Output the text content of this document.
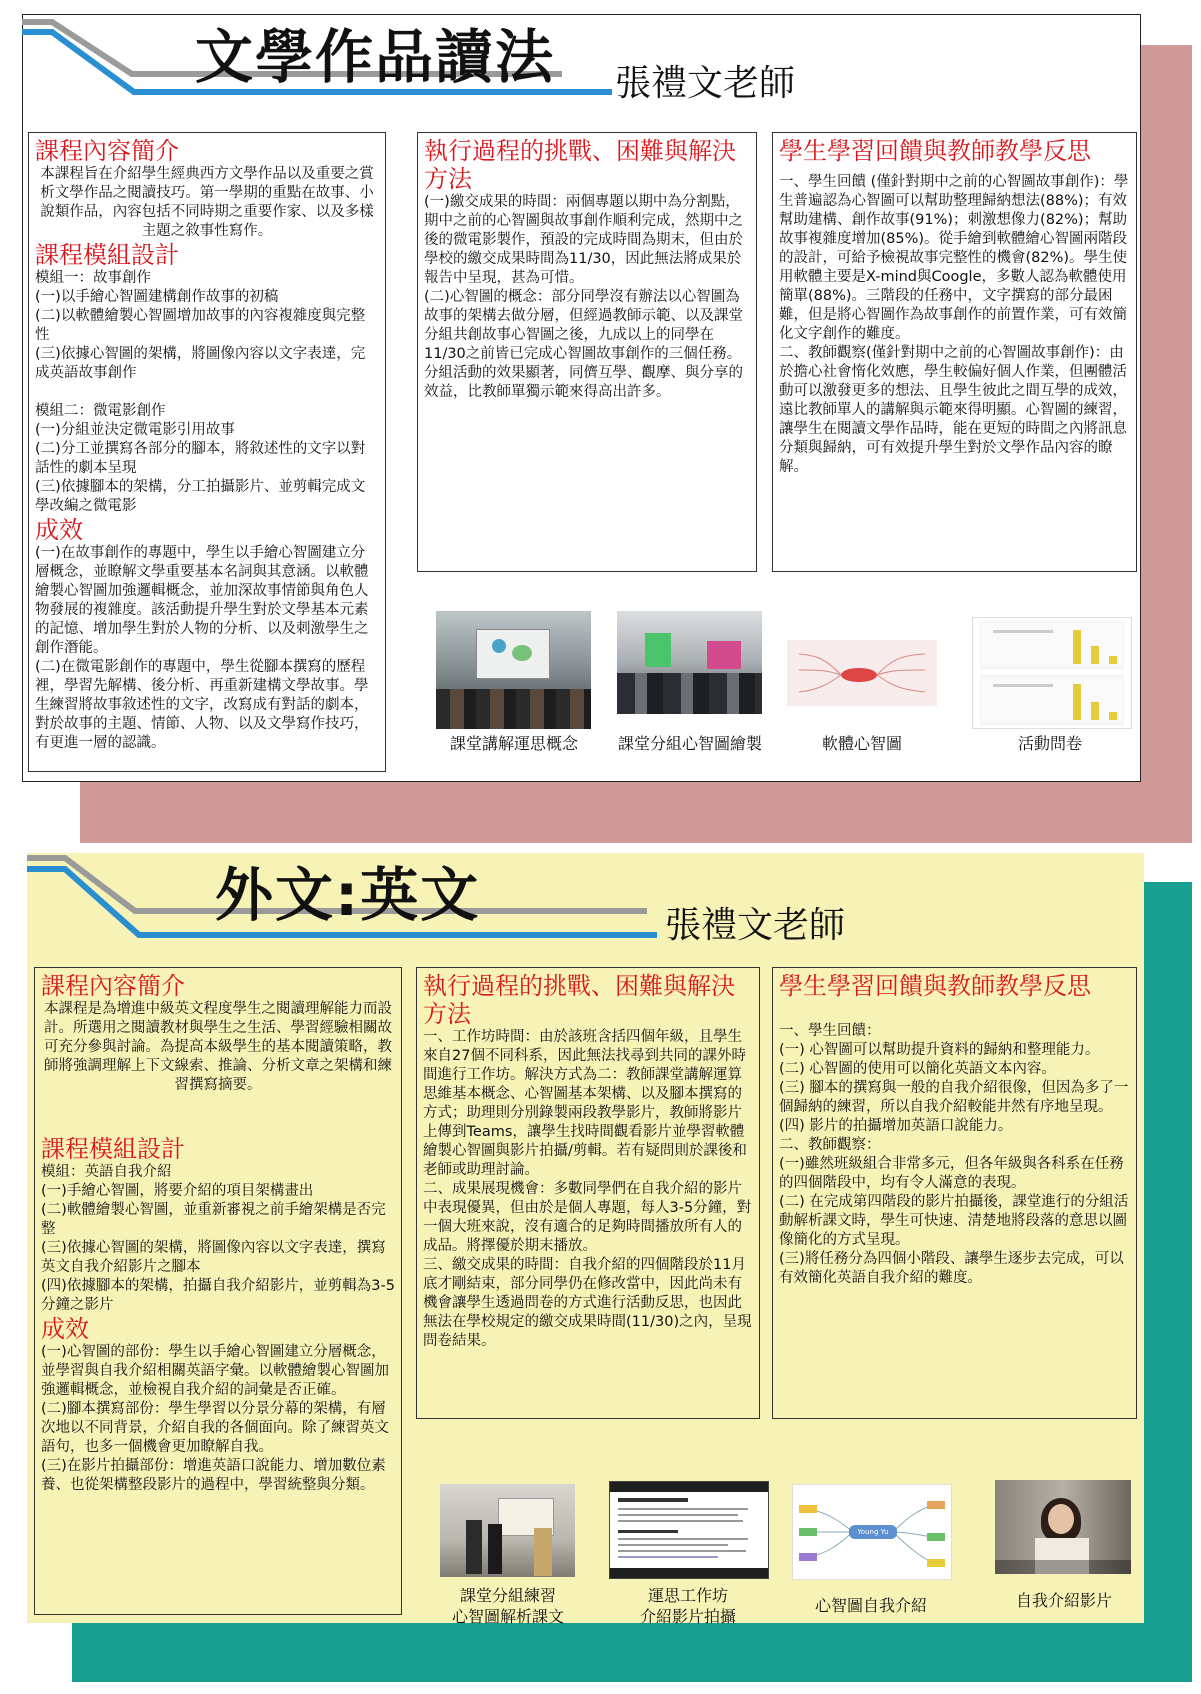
文學作品讀法 張禮文老師

課程內容簡介

本課程旨在介紹學生經典西方文學作品以及重要之賞析文學作品之閱讀技巧。第一學期的重點在故事、小說類作品，內容包括不同時期之重要作家、以及多樣主題之敘事性寫作。

課程模組設計

模組一：故事創作

(一)以手繪心智圖建構創作故事的初稿

(二)以軟體繪製心智圖增加故事的內容複雜度與完整性

(三)依據心智圖的架構，將圖像內容以文字表達，完成英語故事創作

模組二：微電影創作

(一)分組並決定微電影引用故事

(二)分工並撰寫各部分的腳本，將敘述性的文字以對話性的劇本呈現

(三)依據腳本的架構，分工拍攝影片、並剪輯完成文學改編之微電影

成效

(一)在故事創作的專題中，學生以手繪心智圖建立分層概念，並瞭解文學重要基本名詞與其意涵。以軟體繪製心智圖加強邏輯概念，並加深故事情節與角色人物發展的複雜度。該活動提升學生對於文學基本元素的記憶、增加學生對於人物的分析、以及刺激學生之創作潛能。

(二)在微電影創作的專題中，學生從腳本撰寫的歷程裡，學習先解構、後分析、再重新建構文學故事。學生練習將故事敘述性的文字，改寫成有對話的劇本，對於故事的主題、情節、人物、以及文學寫作技巧，有更進一層的認識。

執行過程的挑戰、困難與解決方法

(一)繳交成果的時間：兩個專題以期中為分割點，期中之前的心智圖與故事創作順利完成，然期中之後的微電影製作，預設的完成時間為期末，但由於學校的繳交成果時間為11/30，因此無法將成果於報告中呈現，甚為可惜。

(二)心智圖的概念：部分同學沒有辦法以心智圖為故事的架構去做分層，但經過教師示範、以及課堂分組共創故事心智圖之後，九成以上的同學在11/30之前皆已完成心智圖故事創作的三個任務。分組活動的效果顯著，同儕互學、觀摩、與分享的效益，比教師單獨示範來得高出許多。

學生學習回饋與教師教學反思

一、學生回饋 (僅針對期中之前的心智圖故事創作)：學生普遍認為心智圖可以幫助整理歸納想法(88%)；有效幫助建構、創作故事(91%)；刺激想像力(82%)；幫助故事複雜度增加(85%)。從手繪到軟體繪心智圖兩階段的設計，可給予檢視故事完整性的機會(82%)。學生使用軟體主要是X-mind與Coogle，多數人認為軟體使用簡單(88%)。三階段的任務中，文字撰寫的部分最困難，但是將心智圖作為故事創作的前置作業，可有效簡化文字創作的難度。

二、教師觀察(僅針對期中之前的心智圖故事創作)：由於擔心社會惰化效應，學生較偏好個人作業，但團體活動可以激發更多的想法、且學生彼此之間互學的成效，遠比教師單人的講解與示範來得明顯。心智圖的練習，讓學生在閱讀文學作品時，能在更短的時間之內將訊息分類與歸納，可有效提升學生對於文學作品內容的瞭解。

課堂講解運思概念	課堂分組心智圖繪製	軟體心智圖	活動問卷
外文:英文	張禮文老師

課程內容簡介

本課程是為增進中級英文程度學生之閱讀理解能力而設計。所選用之閱讀教材與學生之生活、學習經驗相關故可充分參與討論。為提高本級學生的基本閱讀策略，教師將強調理解上下文線索、推論、分析文章之架構和練習撰寫摘要。

課程模組設計

模組：英語自我介紹

(一)手繪心智圖，將要介紹的項目架構畫出

(二)軟體繪製心智圖，並重新審視之前手繪架構是否完整

(三)依據心智圖的架構，將圖像內容以文字表達，撰寫英文自我介紹影片之腳本

(四)依據腳本的架構，拍攝自我介紹影片，並剪輯為3-5分鐘之影片

成效

(一)心智圖的部份：學生以手繪心智圖建立分層概念，並學習與自我介紹相關英語字彙。以軟體繪製心智圖加強邏輯概念，並檢視自我介紹的詞彙是否正確。

(二)腳本撰寫部份：學生學習以分景分幕的架構，有層次地以不同背景，介紹自我的各個面向。除了練習英文語句，也多一個機會更加瞭解自我。

(三)在影片拍攝部份：增進英語口說能力、增加數位素養、也從架構整段影片的過程中，學習統整與分類。

執行過程的挑戰、困難與解決方法

一、工作坊時間：由於該班含括四個年級，且學生來自27個不同科系，因此無法找尋到共同的課外時間進行工作坊。解決方式為二：教師課堂講解運算思維基本概念、心智圖基本架構、以及腳本撰寫的方式；助理則分別錄製兩段教學影片，教師將影片上傳到Teams，讓學生找時間觀看影片並學習軟體繪製心智圖與影片拍攝/剪輯。若有疑問則於課後和老師或助理討論。

二、成果展現機會：多數同學們在自我介紹的影片中表現優異，但由於是個人專題，每人3-5分鐘，對一個大班來說，沒有適合的足夠時間播放所有人的成品。將擇優於期末播放。

三、繳交成果的時間：自我介紹的四個階段於11月底才剛結束，部分同學仍在修改當中，因此尚未有機會讓學生透過問卷的方式進行活動反思，也因此無法在學校規定的繳交成果時間(11/30)之內，呈現問卷結果。

學生學習回饋與教師教學反思

一、學生回饋：

(一) 心智圖可以幫助提升資料的歸納和整理能力。

(二) 心智圖的使用可以簡化英語文本內容。

(三) 腳本的撰寫與一般的自我介紹很像，但因為多了一個歸納的練習，所以自我介紹較能井然有序地呈現。

(四) 影片的拍攝增加英語口說能力。

二、教師觀察：

(一)雖然班級組合非常多元，但各年級與各科系在任務的四個階段中，均有令人滿意的表現。

(二) 在完成第四階段的影片拍攝後，課堂進行的分組活動解析課文時，學生可快速、清楚地將段落的意思以圖像簡化的方式呈現。

(三)將任務分為四個小階段、讓學生逐步去完成，可以有效簡化英語自我介紹的難度。

Young Yu Chen
課堂分組練習
心智圖解析課文
運思工作坊
介紹影片拍攝
心智圖自我介紹	自我介紹影片
